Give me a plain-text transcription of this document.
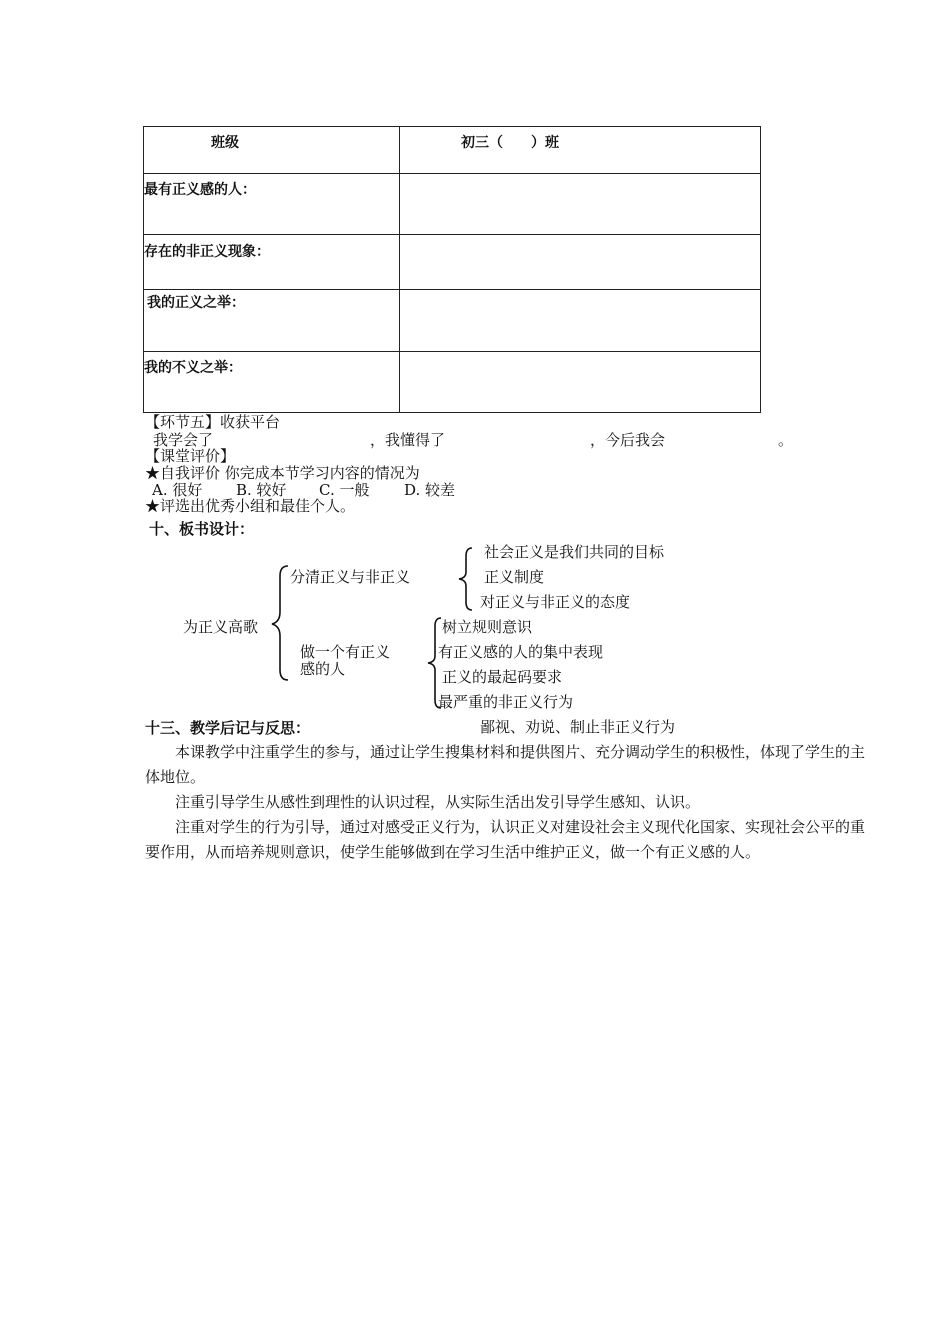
班级	初三（　　）班
最有正义感的人：
存在的非正义现象：
我的正义之举：
我的不义之举：
【环节五】收获平台
我学会了	，我懂得了	，今后我会	。
【课堂评价】
★自我评价 你完成本节学习内容的情况为
A. 很好 B. 较好 C. 一般 D. 较差
★评选出优秀小组和最佳个人。
十、板书设计：
为正义高歌
分清正义与非正义
社会正义是我们共同的目标
正义制度
对正义与非正义的态度
做一个有正义
感的人
树立规则意识
有正义感的人的集中表现
正义的最起码要求
最严重的非正义行为
鄙视、劝说、制止非正义行为
十三、教学后记与反思：
本课教学中注重学生的参与，通过让学生搜集材料和提供图片、充分调动学生的积极性，体现了学生的主体地位。
注重引导学生从感性到理性的认识过程，从实际生活出发引导学生感知、认识。
注重对学生的行为引导，通过对感受正义行为，认识正义对建设社会主义现代化国家、实现社会公平的重要作用，从而培养规则意识，使学生能够做到在学习生活中维护正义，做一个有正义感的人。
